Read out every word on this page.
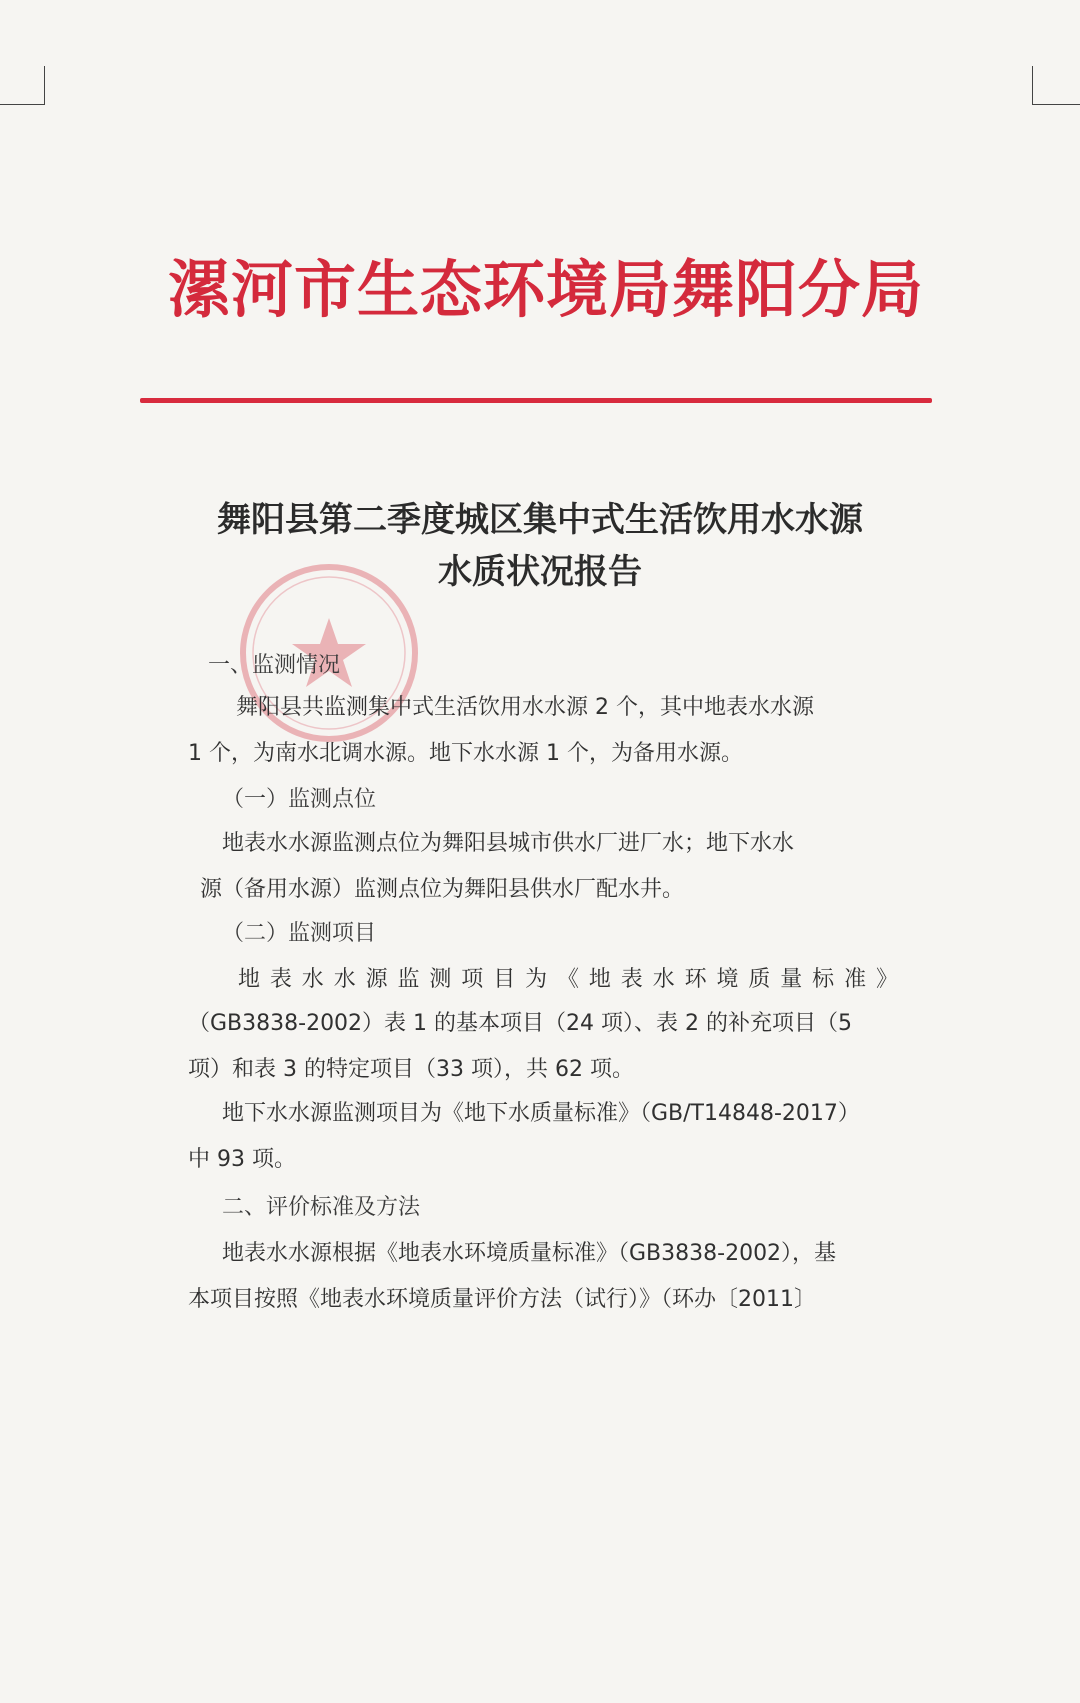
漯河市生态环境局舞阳分局
舞阳县第二季度城区集中式生活饮用水水源
水质状况报告
一、监测情况
舞阳县共监测集中式生活饮用水水源 2 个，其中地表水水源
1 个，为南水北调水源。地下水水源 1 个，为备用水源。
（一）监测点位
地表水水源监测点位为舞阳县城市供水厂进厂水；地下水水
源（备用水源）监测点位为舞阳县供水厂配水井。
（二）监测项目
地表水水源监测项目为《地表水环境质量标准》
（GB3838-2002）表 1 的基本项目（24 项）、表 2 的补充项目（5
项）和表 3 的特定项目（33 项），共 62 项。
地下水水源监测项目为《地下水质量标准》（GB/T14848-2017）
中 93 项。
二、评价标准及方法
地表水水源根据《地表水环境质量标准》（GB3838-2002），基
本项目按照《地表水环境质量评价方法（试行）》（环办〔2011〕
